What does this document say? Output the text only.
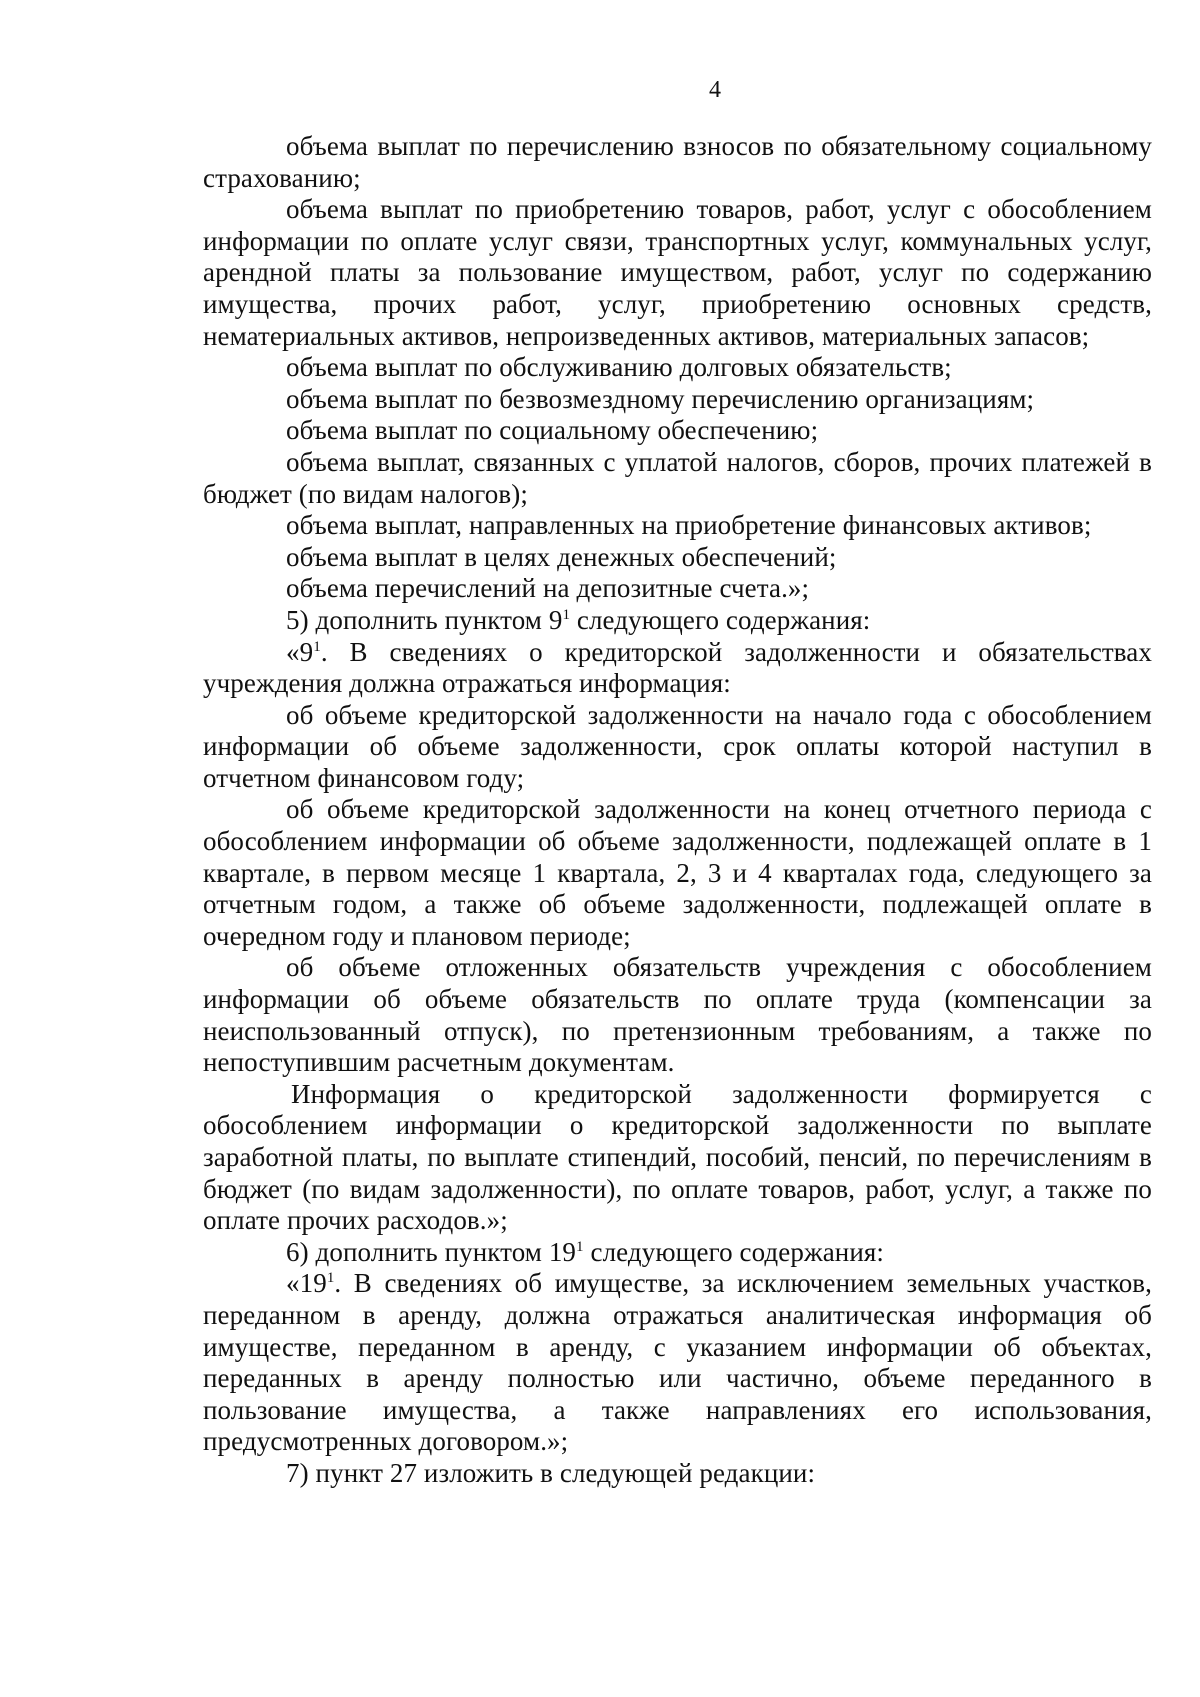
4

объема выплат по перечислению взносов по обязательному социальному страхованию;

объема выплат по приобретению товаров, работ, услуг с обособлением информации по оплате услуг связи, транспортных услуг, коммунальных услуг, арендной платы за пользование имуществом, работ, услуг по содержанию имущества, прочих работ, услуг, приобретению основных средств, нематериальных активов, непроизведенных активов, материальных запасов;

объема выплат по обслуживанию долговых обязательств;

объема выплат по безвозмездному перечислению организациям;

объема выплат по социальному обеспечению;

объема выплат, связанных с уплатой налогов, сборов, прочих платежей в бюджет (по видам налогов);

объема выплат, направленных на приобретение финансовых активов;

объема выплат в целях денежных обеспечений;

объема перечислений на депозитные счета.»;

5) дополнить пунктом $9^1$ следующего содержания:

«$9^1$. В сведениях о кредиторской задолженности и обязательствах учреждения должна отражаться информация:

об объеме кредиторской задолженности на начало года с обособлением информации об объеме задолженности, срок оплаты которой наступил в отчетном финансовом году;

об объеме кредиторской задолженности на конец отчетного периода с обособлением информации об объеме задолженности, подлежащей оплате в 1 квартале, в первом месяце 1 квартала, 2, 3 и 4 кварталах года, следующего за отчетным годом, а также об объеме задолженности, подлежащей оплате в очередном году и плановом периоде;

об объеме отложенных обязательств учреждения с обособлением информации об объеме обязательств по оплате труда (компенсации за неиспользованный отпуск), по претензионным требованиям, а также по непоступившим расчетным документам.

Информация о кредиторской задолженности формируется с обособлением информации о кредиторской задолженности по выплате заработной платы, по выплате стипендий, пособий, пенсий, по перечислениям в бюджет (по видам задолженности), по оплате товаров, работ, услуг, а также по оплате прочих расходов.»;

6) дополнить пунктом $19^1$ следующего содержания:

«$19^1$. В сведениях об имуществе, за исключением земельных участков, переданном в аренду, должна отражаться аналитическая информация об имуществе, переданном в аренду, с указанием информации об объектах, переданных в аренду полностью или частично, объеме переданного в пользование имущества, а также направлениях его использования, предусмотренных договором.»;

7) пункт 27 изложить в следующей редакции:
